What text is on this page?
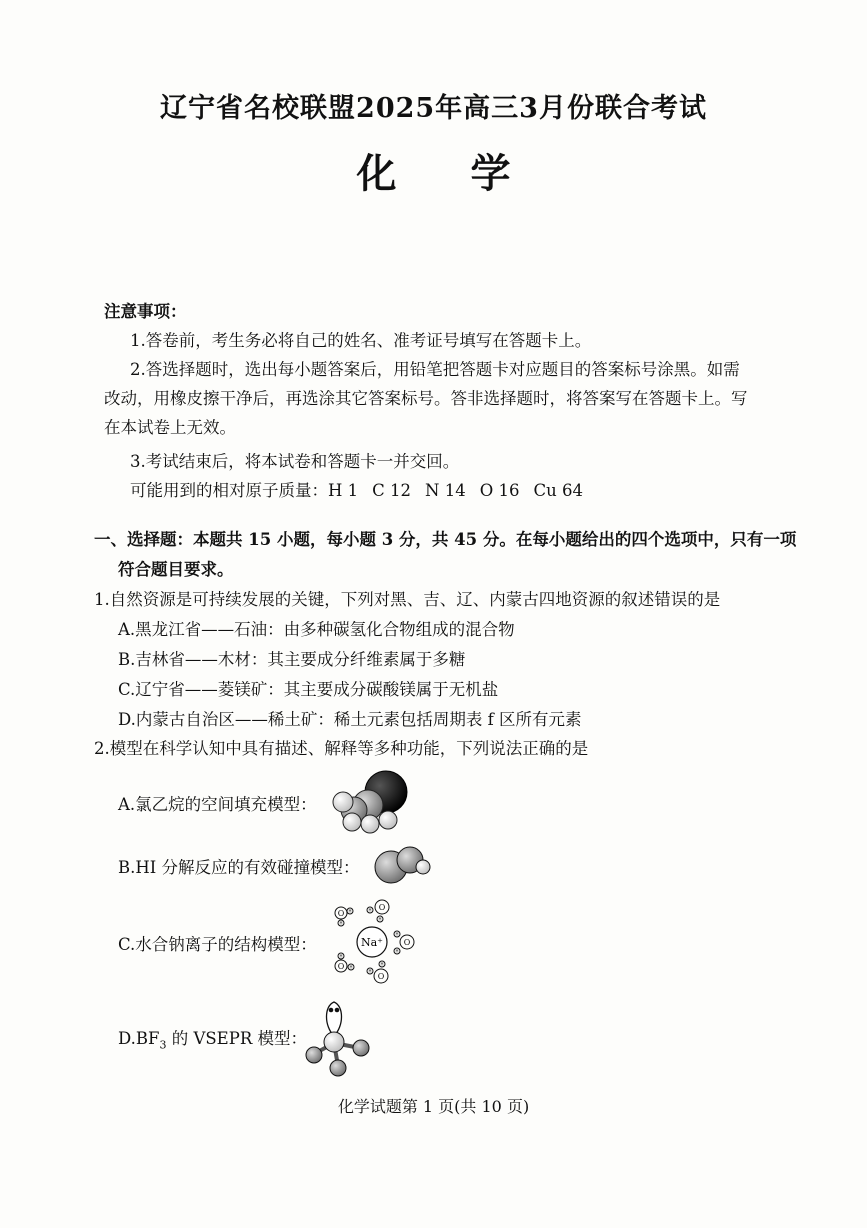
辽宁省名校联盟2025年高三3月份联合考试
化 学
注意事项：
1.答卷前，考生务必将自己的姓名、准考证号填写在答题卡上。
2.答选择题时，选出每小题答案后，用铅笔把答题卡对应题目的答案标号涂黑。如需
改动，用橡皮擦干净后，再选涂其它答案标号。答非选择题时，将答案写在答题卡上。写
在本试卷上无效。
3.考试结束后，将本试卷和答题卡一并交回。
可能用到的相对原子质量：H 1 C 12 N 14 O 16 Cu 64
一、选择题：本题共 15 小题，每小题 3 分，共 45 分。在每小题给出的四个选项中，只有一项
符合题目要求。
1.自然资源是可持续发展的关键，下列对黑、吉、辽、内蒙古四地资源的叙述错误的是
A.黑龙江省——石油：由多种碳氢化合物组成的混合物
B.吉林省——木材：其主要成分纤维素属于多糖
C.辽宁省——菱镁矿：其主要成分碳酸镁属于无机盐
D.内蒙古自治区——稀土矿：稀土元素包括周期表 f 区所有元素
2.模型在科学认知中具有描述、解释等多种功能，下列说法正确的是
A.氯乙烷的空间填充模型：
B.HI 分解反应的有效碰撞模型：
C.水合钠离子的结构模型：	Na⁺
O
O
O
O
O
H
H
H
H
H
H
H
H
H
H
$D.BF_3$ 的 VSEPR 模型：
化学试题第 1 页(共 10 页)
